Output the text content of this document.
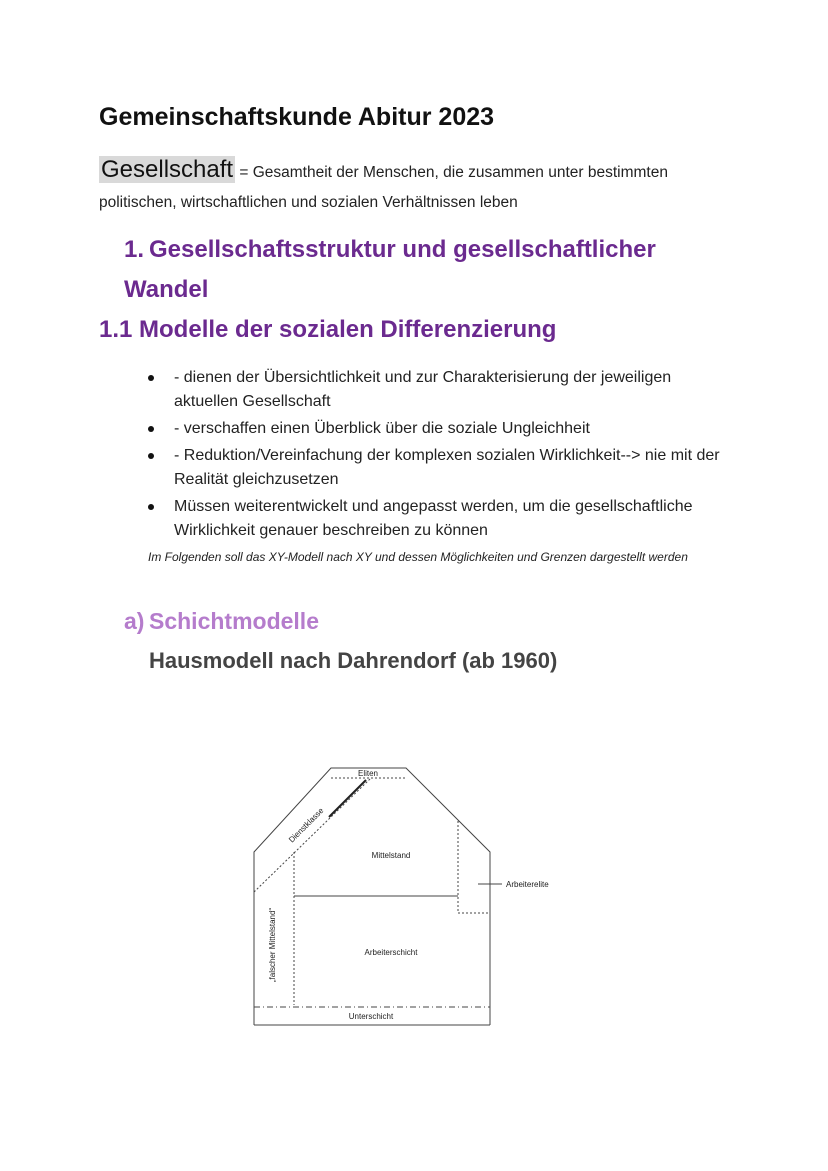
Gemeinschaftskunde Abitur 2023
Gesellschaft = Gesamtheit der Menschen, die zusammen unter bestimmten politischen, wirtschaftlichen und sozialen Verhältnissen leben
1. Gesellschaftsstruktur und gesellschaftlicher Wandel
1.1 Modelle der sozialen Differenzierung
- dienen der Übersichtlichkeit und zur Charakterisierung der jeweiligen aktuellen Gesellschaft
- verschaffen einen Überblick über die soziale Ungleichheit
- Reduktion/Vereinfachung der komplexen sozialen Wirklichkeit--> nie mit der Realität gleichzusetzen
Müssen weiterentwickelt und angepasst werden, um die gesellschaftliche Wirklichkeit genauer beschreiben zu können
Im Folgenden soll das XY-Modell nach XY und dessen Möglichkeiten und Grenzen dargestellt werden
a) Schichtmodelle
Hausmodell nach Dahrendorf (ab 1960)
Eliten
Dienstklasse
Mittelstand
Arbeiterelite
„falscher Mittelstand“	Arbeiterschicht
Unterschicht
